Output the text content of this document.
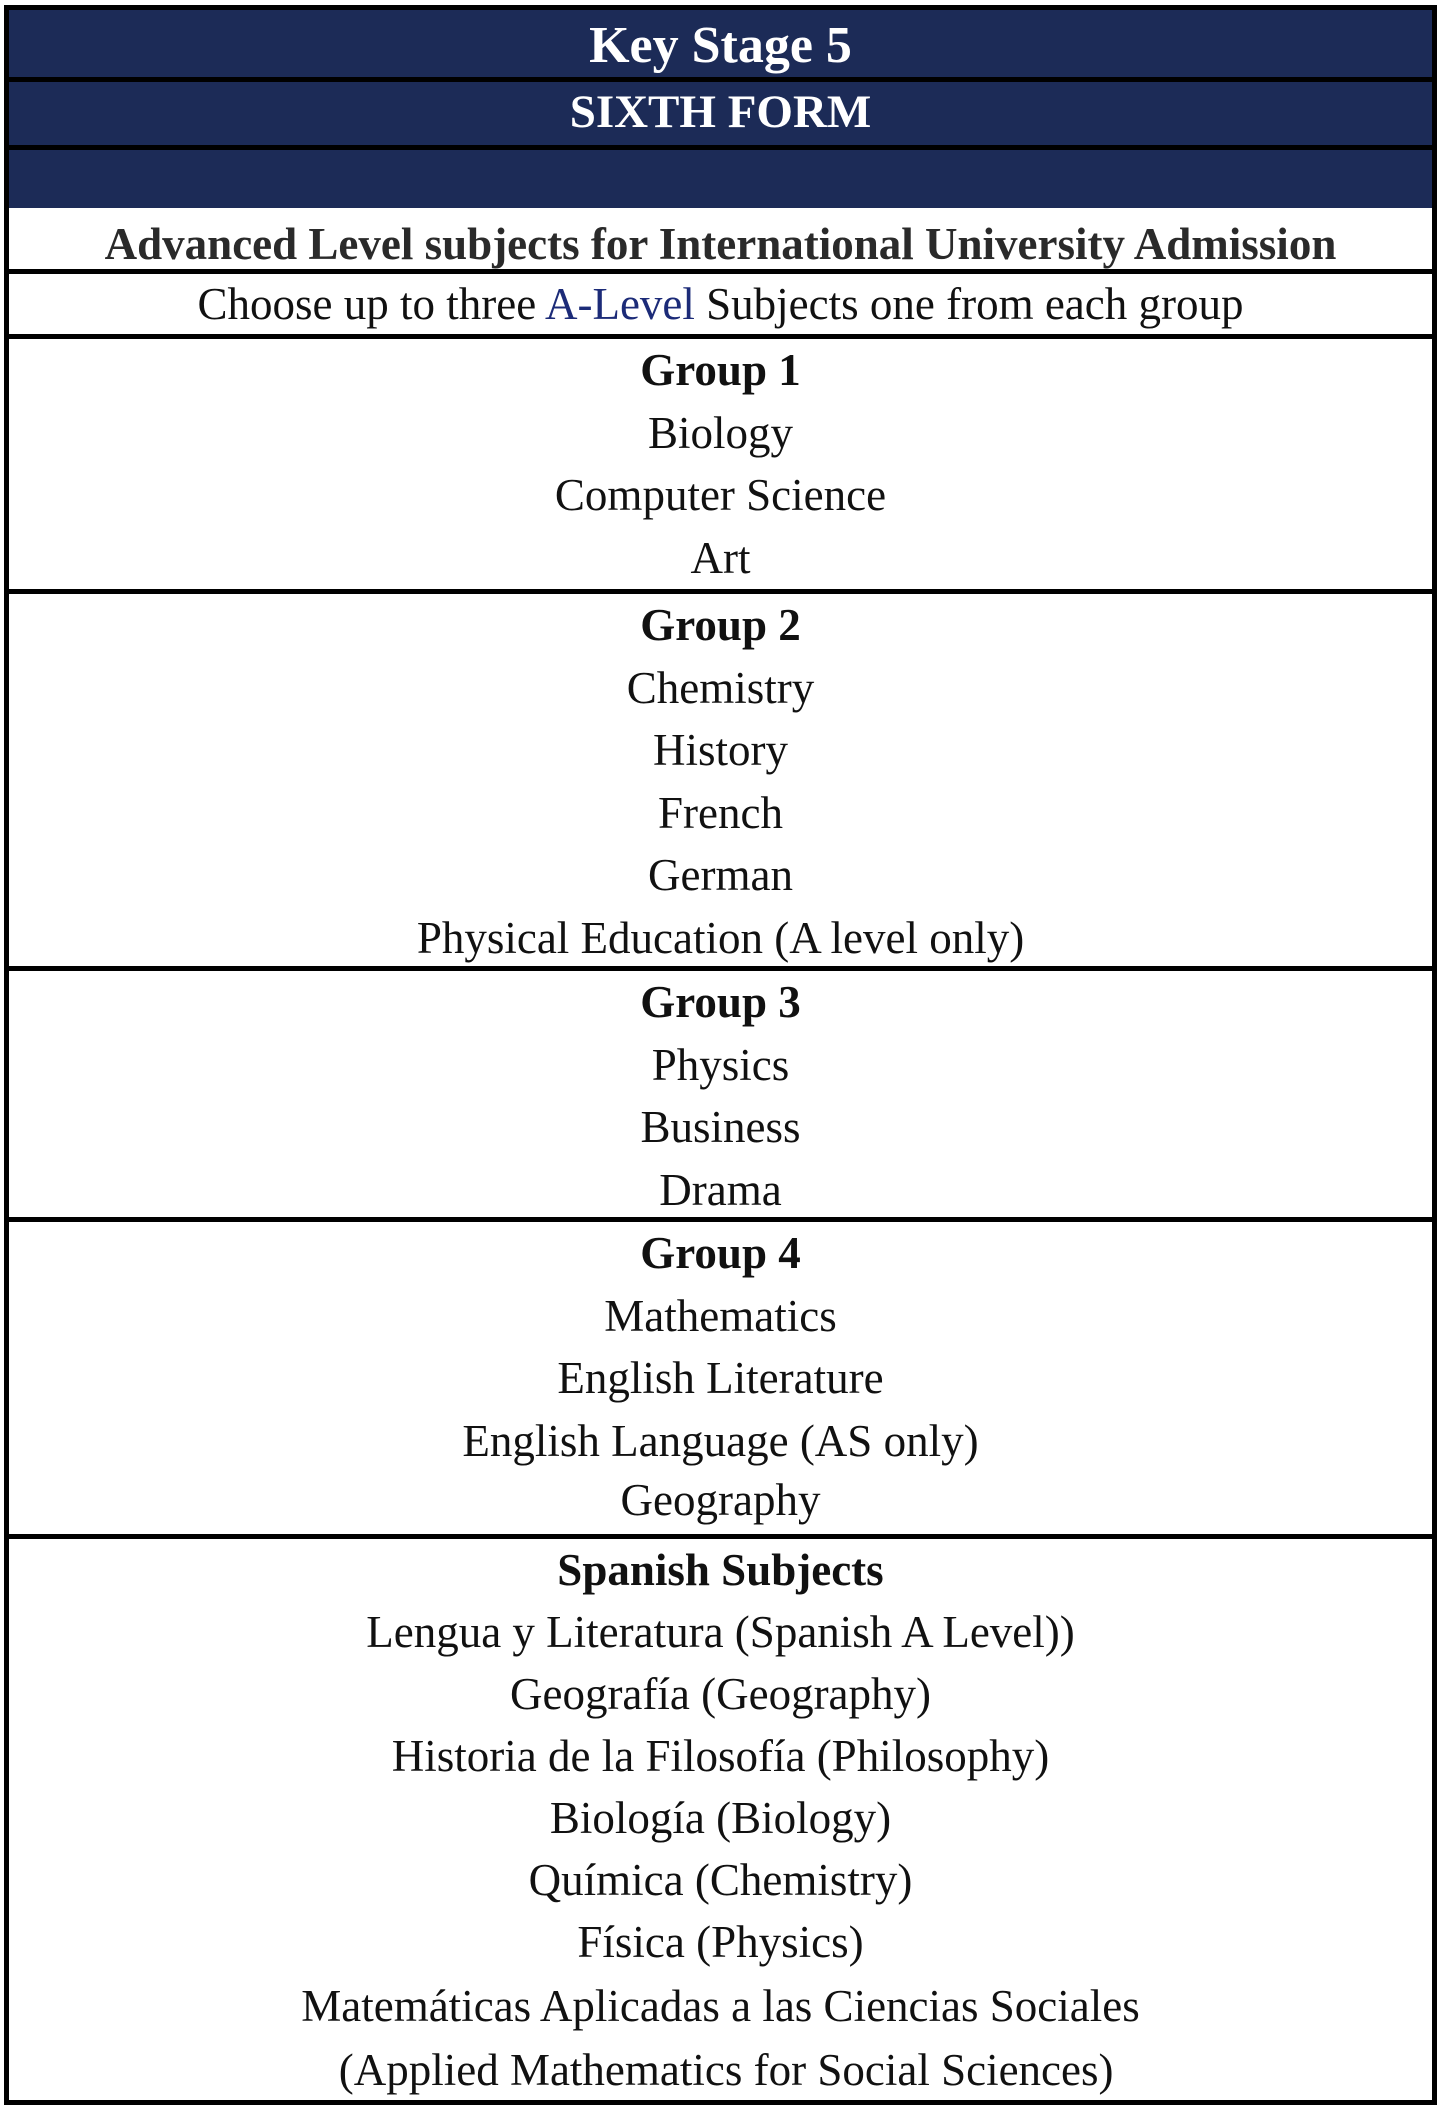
Key Stage 5
SIXTH FORM
Advanced Level subjects for International University Admission
Choose up to three A-Level Subjects one from each group
Group 1
Biology
Computer Science
Art
Group 2
Chemistry
History
French
German
Physical Education (A level only)
Group 3
Physics
Business
Drama
Group 4
Mathematics
English Literature
English Language (AS only)
Geography
Spanish Subjects
Lengua y Literatura (Spanish A Level))
Geografía (Geography)
Historia de la Filosofía (Philosophy)
Biología (Biology)
Química (Chemistry)
Física (Physics)
Matemáticas Aplicadas a las Ciencias Sociales
(Applied Mathematics for Social Sciences)
